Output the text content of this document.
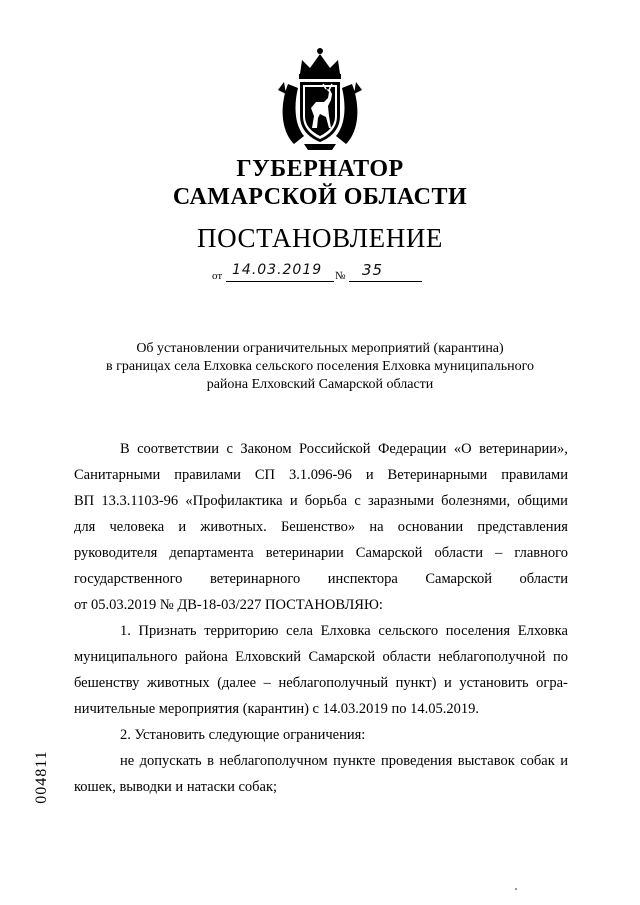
ГУБЕРНАТОР
САМАРСКОЙ ОБЛАСТИ
ПОСТАНОВЛЕНИЕ
от 14.03.2019 № 35
Об установлении ограничительных мероприятий (карантина)
в границах села Елховка сельского поселения Елховка муниципального
района Елховский Самарской области
В соответствии с Законом Российской Федерации «О ветеринарии»,
Санитарными правилами СП 3.1.096-96 и Ветеринарными правилами
ВП 13.3.1103-96 «Профилактика и борьба с заразными болезнями, общими
для человека и животных. Бешенство» на основании представления
руководителя департамента ветеринарии Самарской области – главного
государственного ветеринарного инспектора Самарской области
от 05.03.2019 № ДВ-18-03/227 ПОСТАНОВЛЯЮ:
1. Признать территорию села Елховка сельского поселения Елховка
муниципального района Елховский Самарской области неблагополучной по
бешенству животных (далее – неблагополучный пункт) и установить огра-
ничительные мероприятия (карантин) с 14.03.2019 по 14.05.2019.
2. Установить следующие ограничения:
не допускать в неблагополучном пункте проведения выставок собак и
кошек, выводки и натаски собак;
004811
